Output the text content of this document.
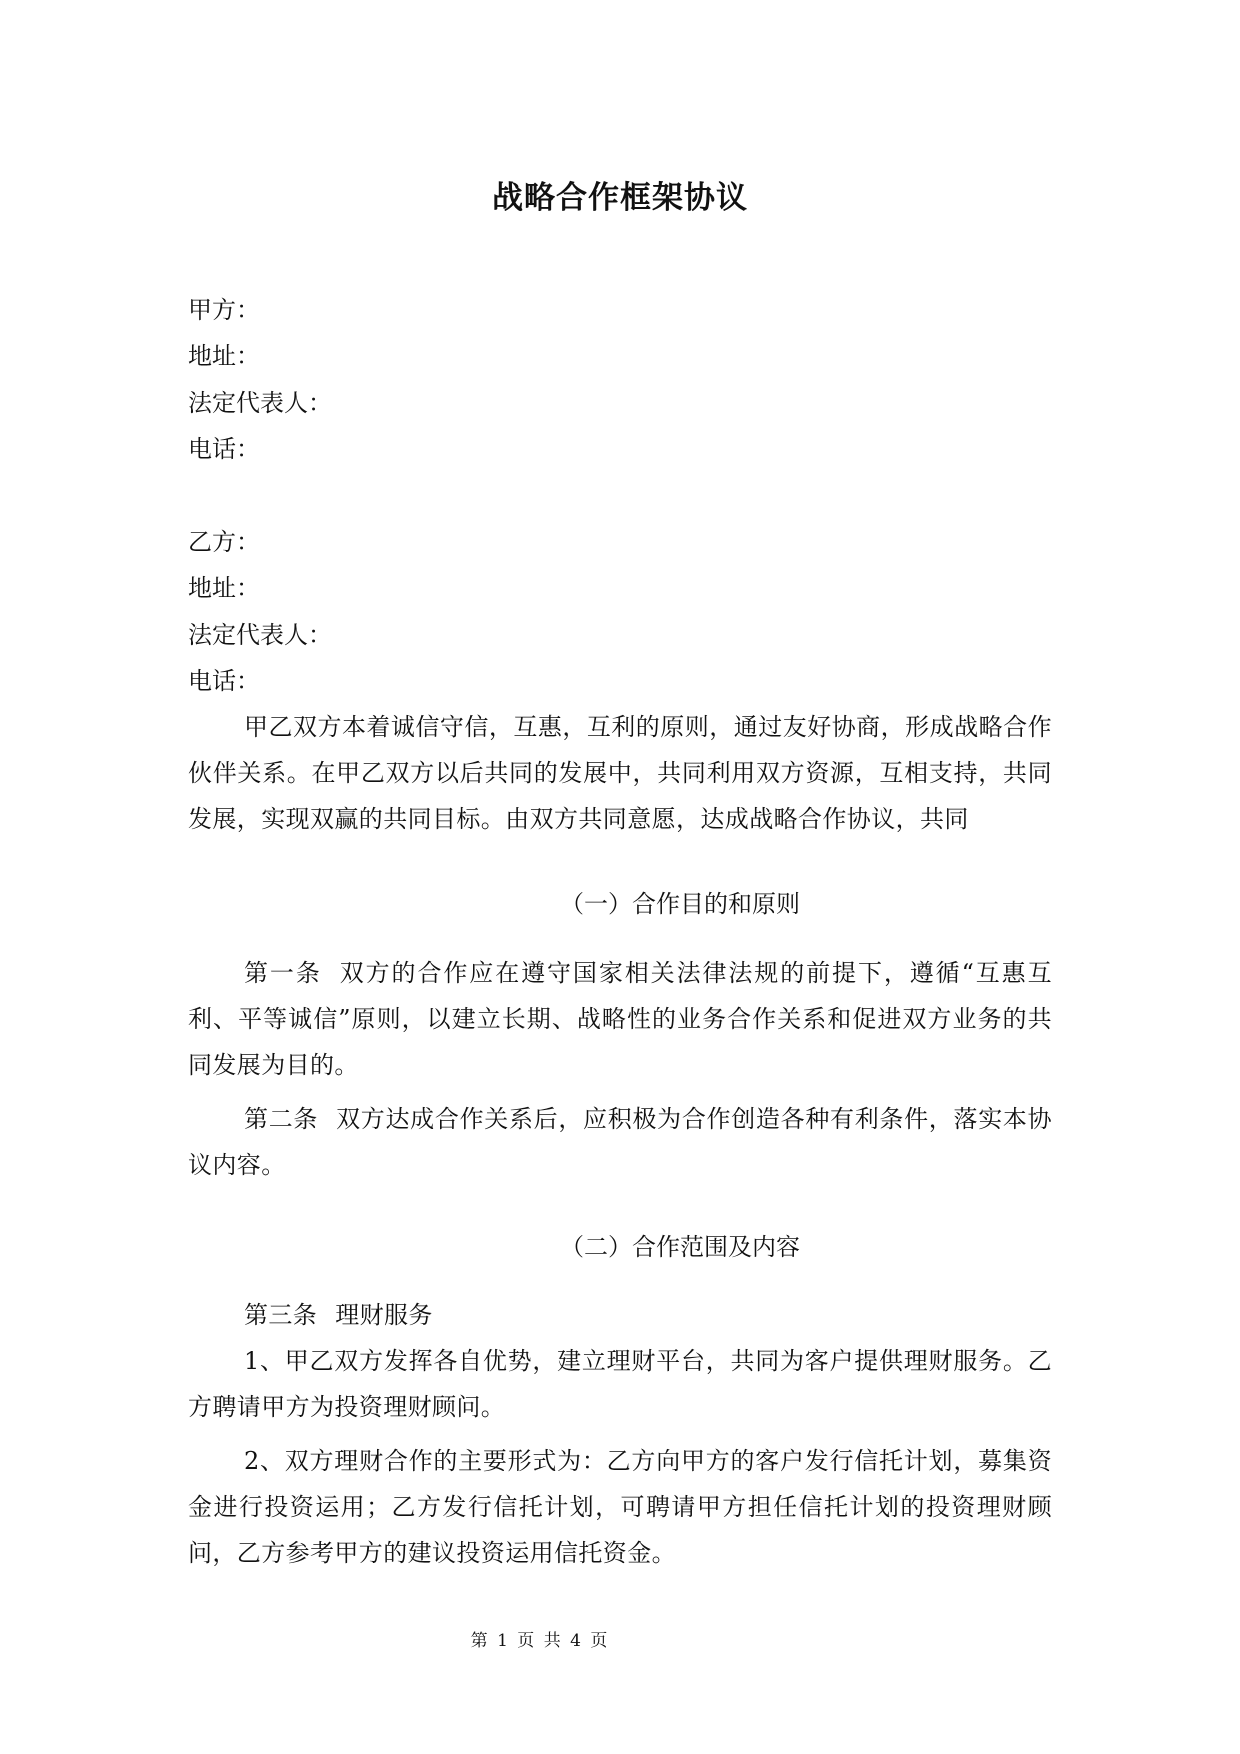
战略合作框架协议
甲方：
地址：
法定代表人：
电话：
乙方：
地址：
法定代表人：
电话：
甲乙双方本着诚信守信，互惠，互利的原则，通过友好协商，形成战略合作伙伴关系。在甲乙双方以后共同的发展中，共同利用双方资源，互相支持，共同发展，实现双赢的共同目标。由双方共同意愿，达成战略合作协议，共同
（一）合作目的和原则
第一条 双方的合作应在遵守国家相关法律法规的前提下，遵循“互惠互利、平等诚信”原则，以建立长期、战略性的业务合作关系和促进双方业务的共同发展为目的。
第二条 双方达成合作关系后，应积极为合作创造各种有利条件，落实本协议内容。
（二）合作范围及内容
第三条 理财服务
1、甲乙双方发挥各自优势，建立理财平台，共同为客户提供理财服务。乙方聘请甲方为投资理财顾问。
2、双方理财合作的主要形式为：乙方向甲方的客户发行信托计划，募集资金进行投资运用；乙方发行信托计划，可聘请甲方担任信托计划的投资理财顾问，乙方参考甲方的建议投资运用信托资金。
第 1 页 共 4 页
